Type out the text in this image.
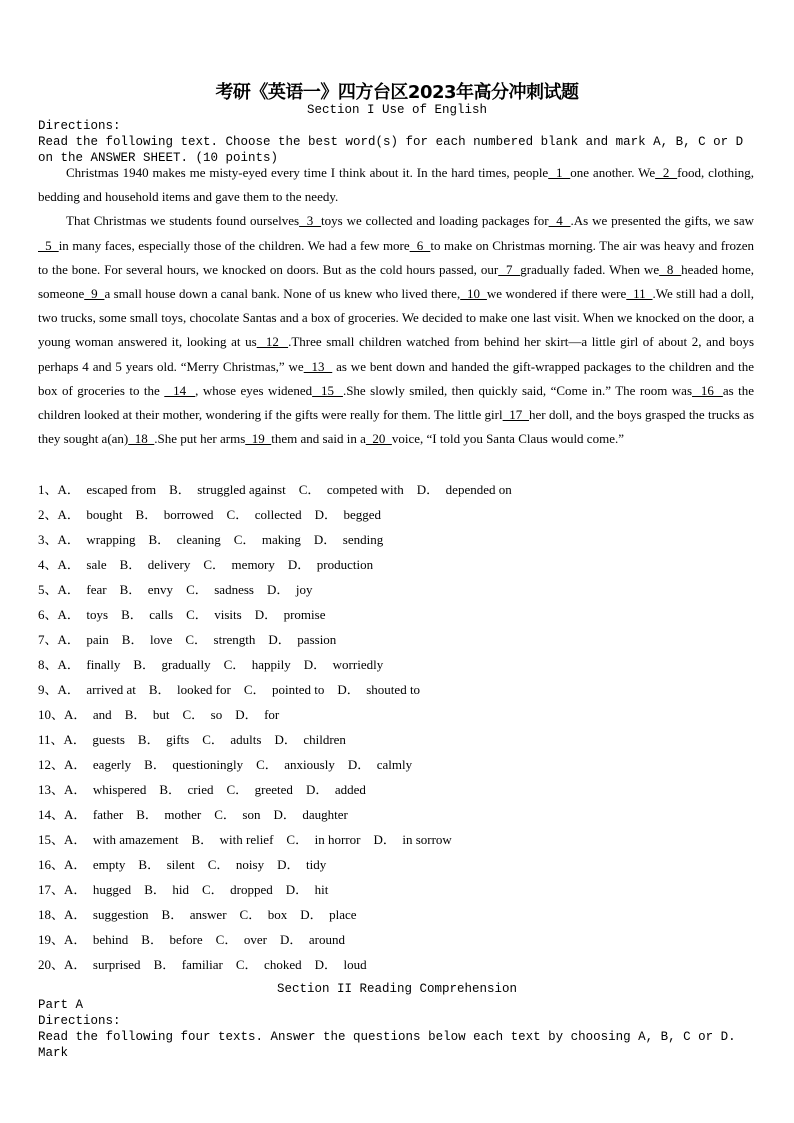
考研《英语一》四方台区2023年高分冲刺试题
Section I Use of English
Directions:
Read the following text. Choose the best word(s) for each numbered blank and mark A, B, C or D on the ANSWER SHEET. (10 points)

Christmas 1940 makes me misty-eyed every time I think about it. In the hard times, people  1  one another. We  2  food, clothing, bedding and household items and gave them to the needy.

That Christmas we students found ourselves  3  toys we collected and loading packages for  4  .As we presented the gifts, we saw  5  in many faces, especially those of the children. We had a few more  6  to make on Christmas morning. The air was heavy and frozen to the bone. For several hours, we knocked on doors. But as the cold hours passed, our  7  gradually faded. When we  8  headed home, someone  9  a small house down a canal bank. None of us knew who lived there,  10  we wondered if there were  11  .We still had a doll, two trucks, some small toys, chocolate Santas and a box of groceries. We decided to make one last visit. When we knocked on the door, a young woman answered it, looking at us  12  .Three small children watched from behind her skirt—a little girl of about 2, and boys perhaps 4 and 5 years old. “Merry Christmas,” we  13   as we bent down and handed the gift-wrapped packages to the children and the box of groceries to the   14  , whose eyes widened  15  .She slowly smiled, then quickly said, “Come in.” The room was  16  as the children looked at their mother, wondering if the gifts were really for them. The little girl  17  her doll, and the boys grasped the trucks as they sought a(an)  18  .She put her arms  19  them and said in a  20  voice, “I told you Santa Claus would come.”

1、A．  escaped from    B．  struggled against    C．  competed with    D．  depended on
2、A．  bought    B．  borrowed    C．  collected    D．  begged
3、A．  wrapping    B．  cleaning    C．  making    D．  sending
4、A．  sale    B．  delivery    C．  memory    D．  production
5、A．  fear    B．  envy    C．  sadness    D．  joy
6、A．  toys    B．  calls    C．  visits    D．  promise
7、A．  pain    B．  love    C．  strength    D．  passion
8、A．  finally    B．  gradually    C．  happily    D．  worriedly
9、A．  arrived at    B．  looked for    C．  pointed to    D．  shouted to
10、A．  and    B．  but    C．  so    D．  for
11、A．  guests    B．  gifts    C．  adults    D．  children
12、A．  eagerly    B．  questioningly    C．  anxiously    D．  calmly
13、A．  whispered    B．  cried    C．  greeted    D．  added
14、A．  father    B．  mother    C．  son    D．  daughter
15、A．  with amazement    B．  with relief    C．  in horror    D．  in sorrow
16、A．  empty    B．  silent    C．  noisy    D．  tidy
17、A．  hugged    B．  hid    C．  dropped    D．  hit
18、A．  suggestion    B．  answer    C．  box    D．  place
19、A．  behind    B．  before    C．  over    D．  around
20、A．  surprised    B．  familiar    C．  choked    D．  loud
Section II Reading Comprehension
Part A
Directions:
Read the following four texts. Answer the questions below each text by choosing A, B, C or D. Mark
